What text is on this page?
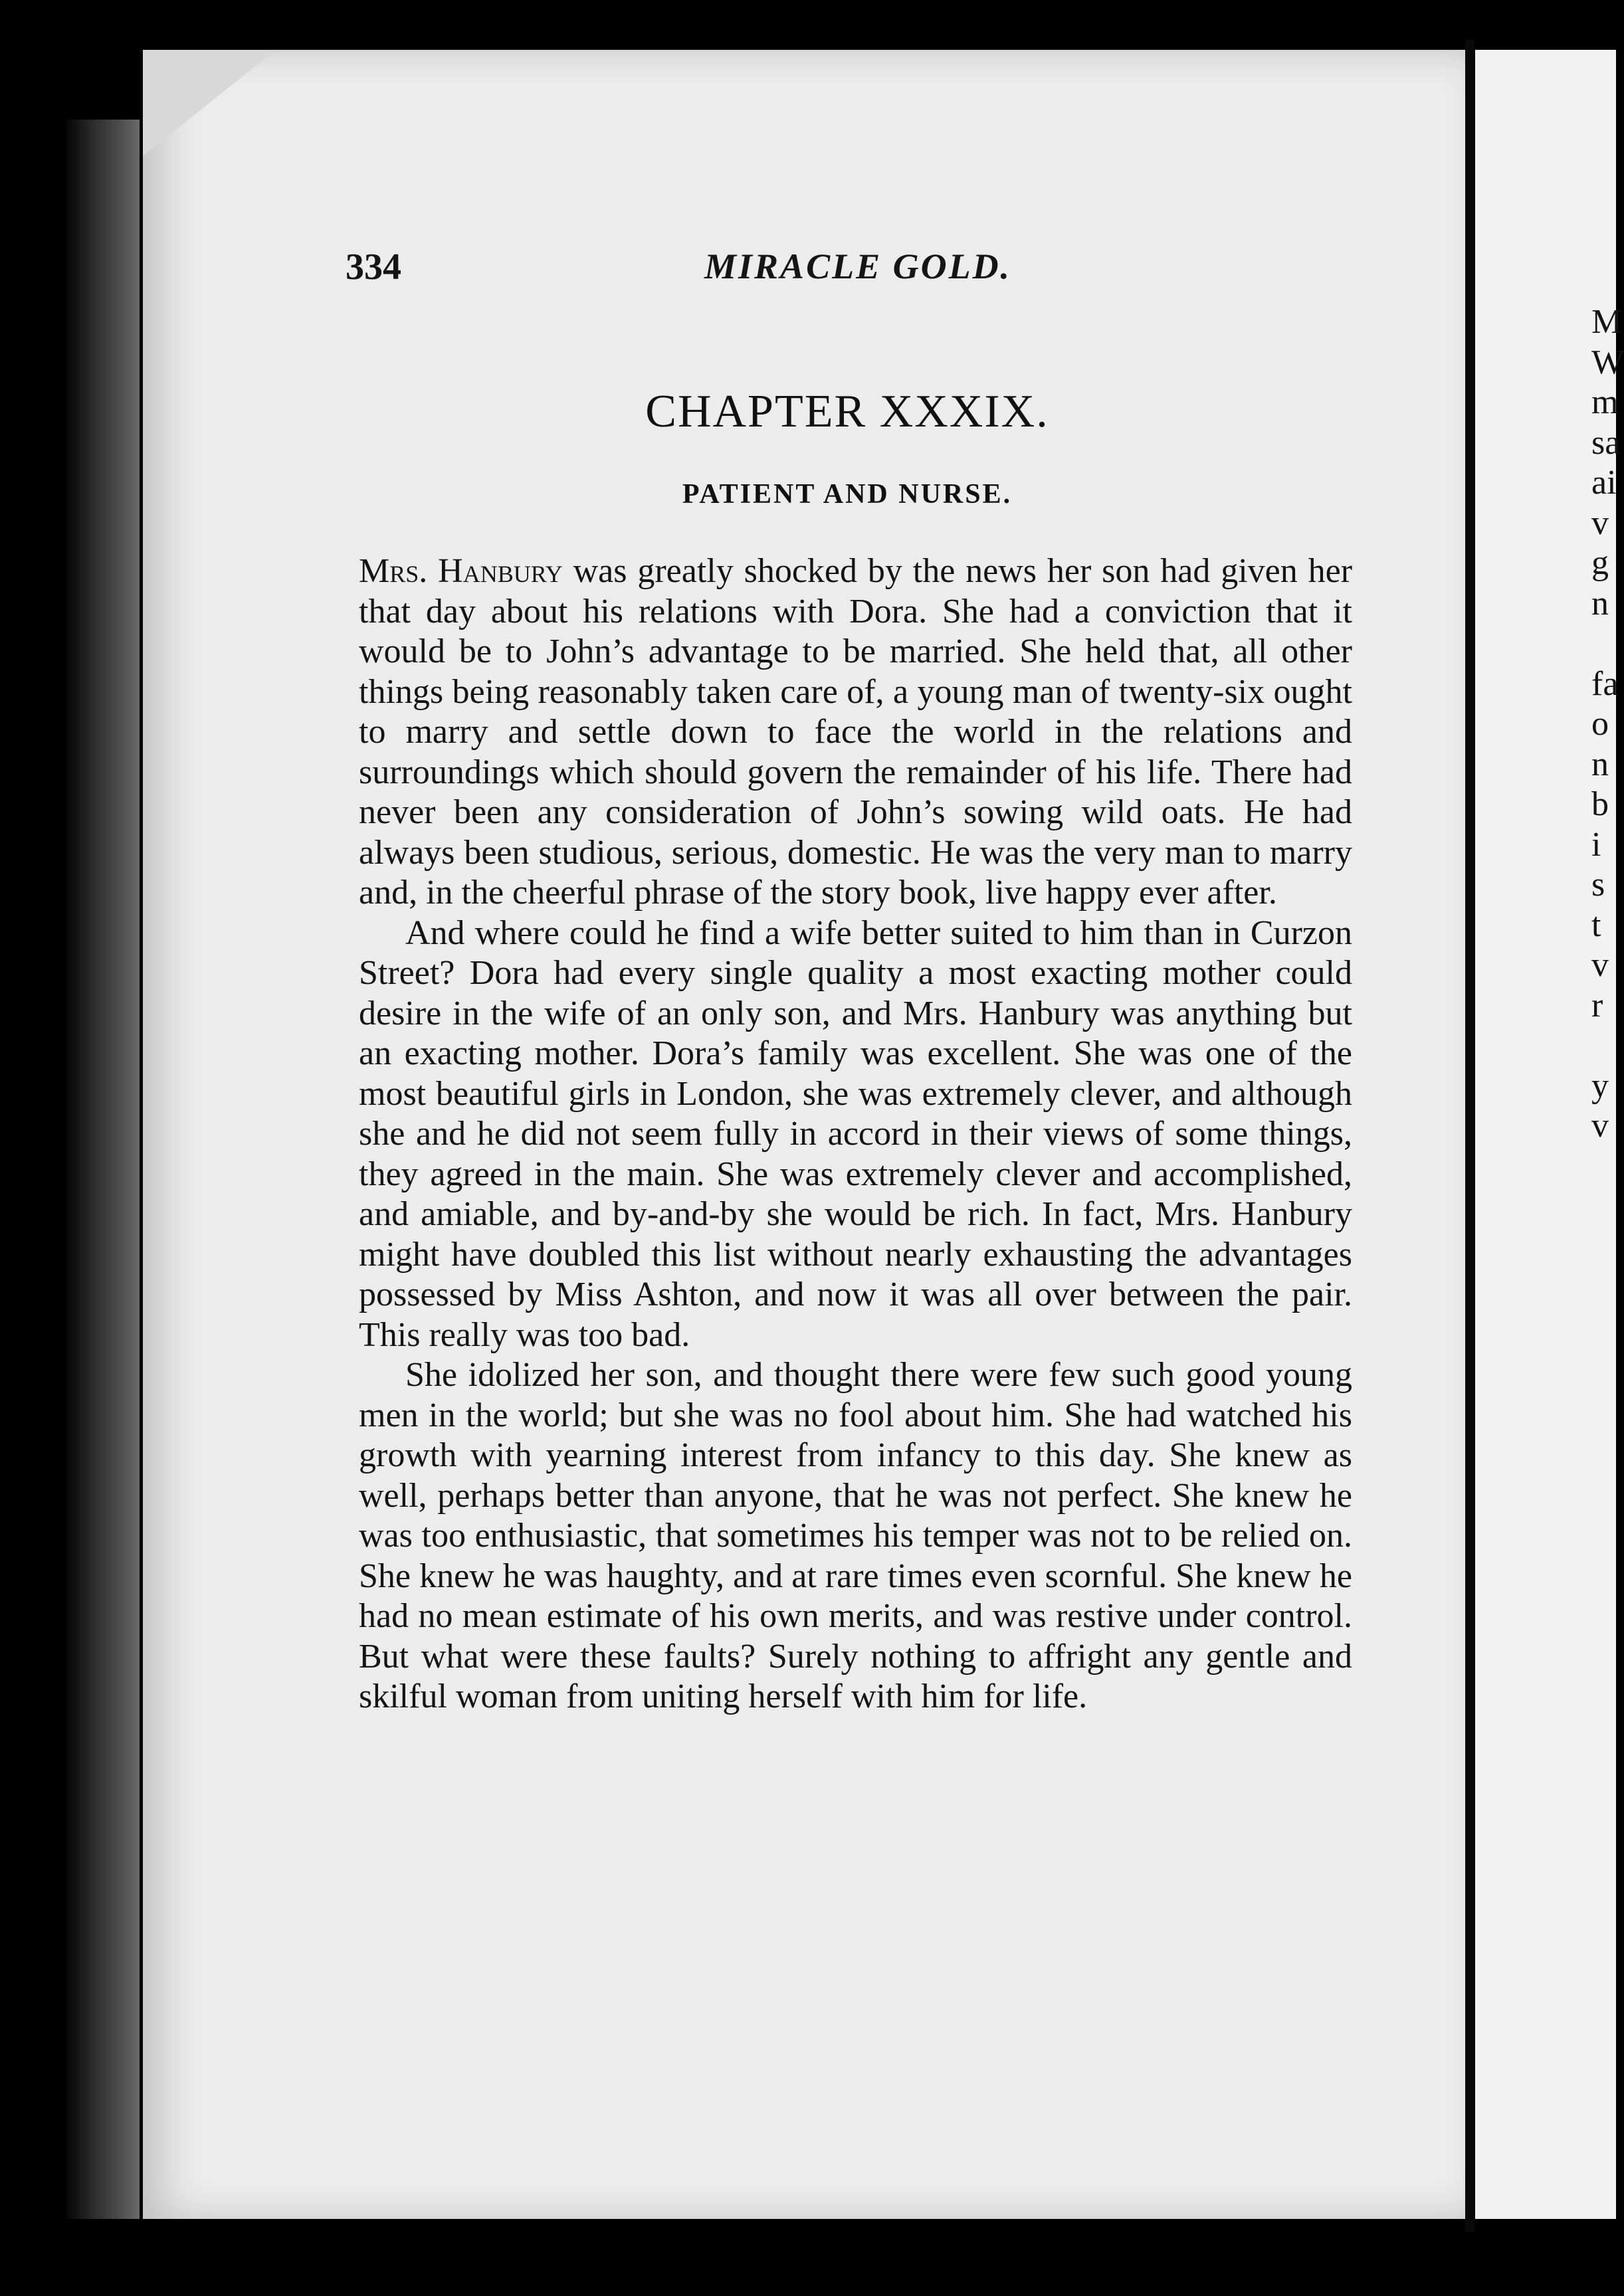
334	MIRACLE GOLD.
CHAPTER XXXIX.
PATIENT AND NURSE.

Mrs. Hanbury was greatly shocked by the news her son had given her that day about his relations with Dora. She had a conviction that it would be to John’s advantage to be married. She held that, all other things being reasonably taken care of, a young man of twenty-six ought to marry and settle down to face the world in the relations and surroundings which should govern the remainder of his life. There had never been any consideration of John’s sowing wild oats. He had always been studious, serious, domestic. He was the very man to marry and, in the cheerful phrase of the story book, live happy ever after.

And where could he find a wife better suited to him than in Curzon Street? Dora had every single quality a most exacting mother could desire in the wife of an only son, and Mrs. Hanbury was anything but an exacting mother. Dora’s family was excellent. She was one of the most beautiful girls in London, she was extremely clever, and although she and he did not seem fully in accord in their views of some things, they agreed in the main. She was extremely clever and accomplished, and amiable, and by-and-by she would be rich. In fact, Mrs. Hanbury might have doubled this list without nearly exhausting the advantages possessed by Miss Ashton, and now it was all over between the pair. This really was too bad.

She idolized her son, and thought there were few such good young men in the world; but she was no fool about him. She had watched his growth with yearning interest from infancy to this day. She knew as well, perhaps better than anyone, that he was not perfect. She knew he was too enthusiastic, that sometimes his temper was not to be relied on. She knew he was haughty, and at rare times even scornful. She knew he had no mean estimate of his own merits, and was restive under control. But what were these faults? Surely nothing to affright any gentle and skilful woman from uniting herself with him for life.

M
W
m
sa
ai
v
g
n
fa
o
n
b
i
s
t
v
r
y
v
